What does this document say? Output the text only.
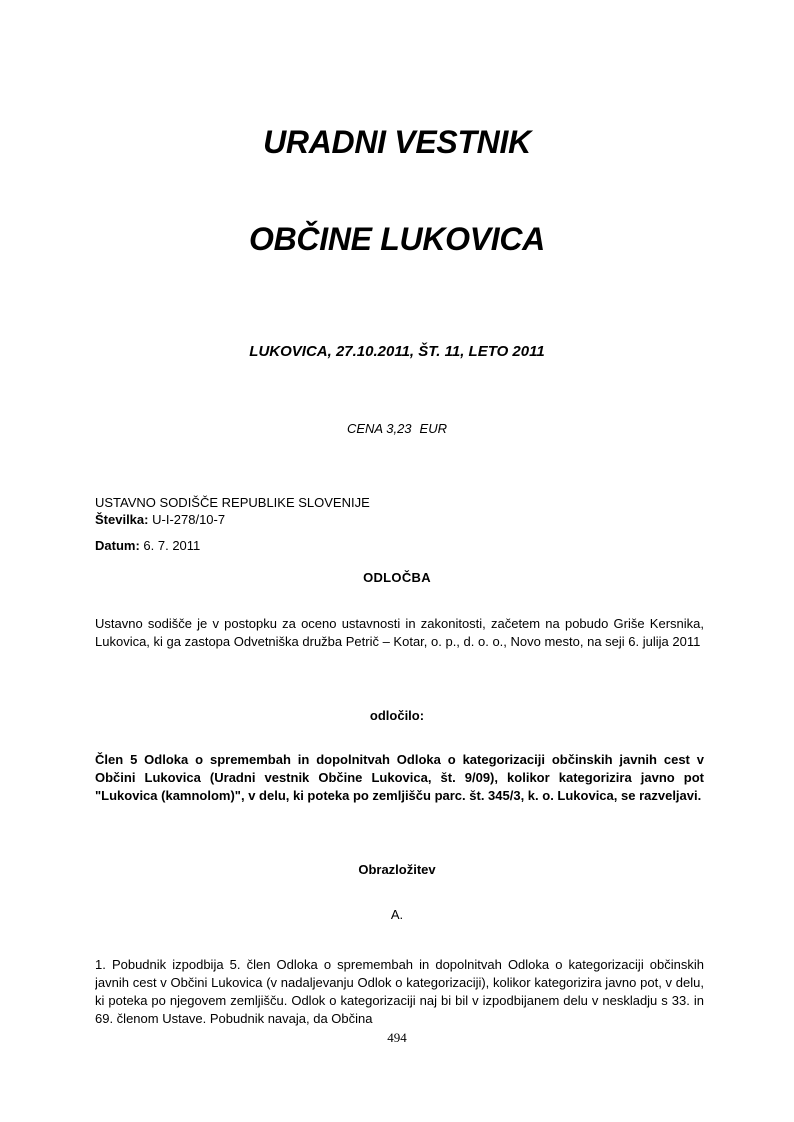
URADNI VESTNIK
OBČINE LUKOVICA
LUKOVICA, 27.10.2011, ŠT. 11, LETO 2011
CENA 3,23 EUR
USTAVNO SODIŠČE REPUBLIKE SLOVENIJE
Številka: U-I-278/10-7
Datum: 6. 7. 2011
ODLOČBA
Ustavno sodišče je v postopku za oceno ustavnosti in zakonitosti, začetem na pobudo Griše Kersnika, Lukovica, ki ga zastopa Odvetniška družba Petrič – Kotar, o. p., d. o. o., Novo mesto, na seji 6. julija 2011
odločilo:
Člen 5 Odloka o spremembah in dopolnitvah Odloka o kategorizaciji občinskih javnih cest v Občini Lukovica (Uradni vestnik Občine Lukovica, št. 9/09), kolikor kategorizira javno pot "Lukovica (kamnolom)", v delu, ki poteka po zemljišču parc. št. 345/3, k. o. Lukovica, se razveljavi.
Obrazložitev
A.
1. Pobudnik izpodbija 5. člen Odloka o spremembah in dopolnitvah Odloka o kategorizaciji občinskih javnih cest v Občini Lukovica (v nadaljevanju Odlok o kategorizaciji), kolikor kategorizira javno pot, v delu, ki poteka po njegovem zemljišču. Odlok o kategorizaciji naj bi bil v izpodbijanem delu v neskladju s 33. in 69. členom Ustave. Pobudnik navaja, da Občina
494
